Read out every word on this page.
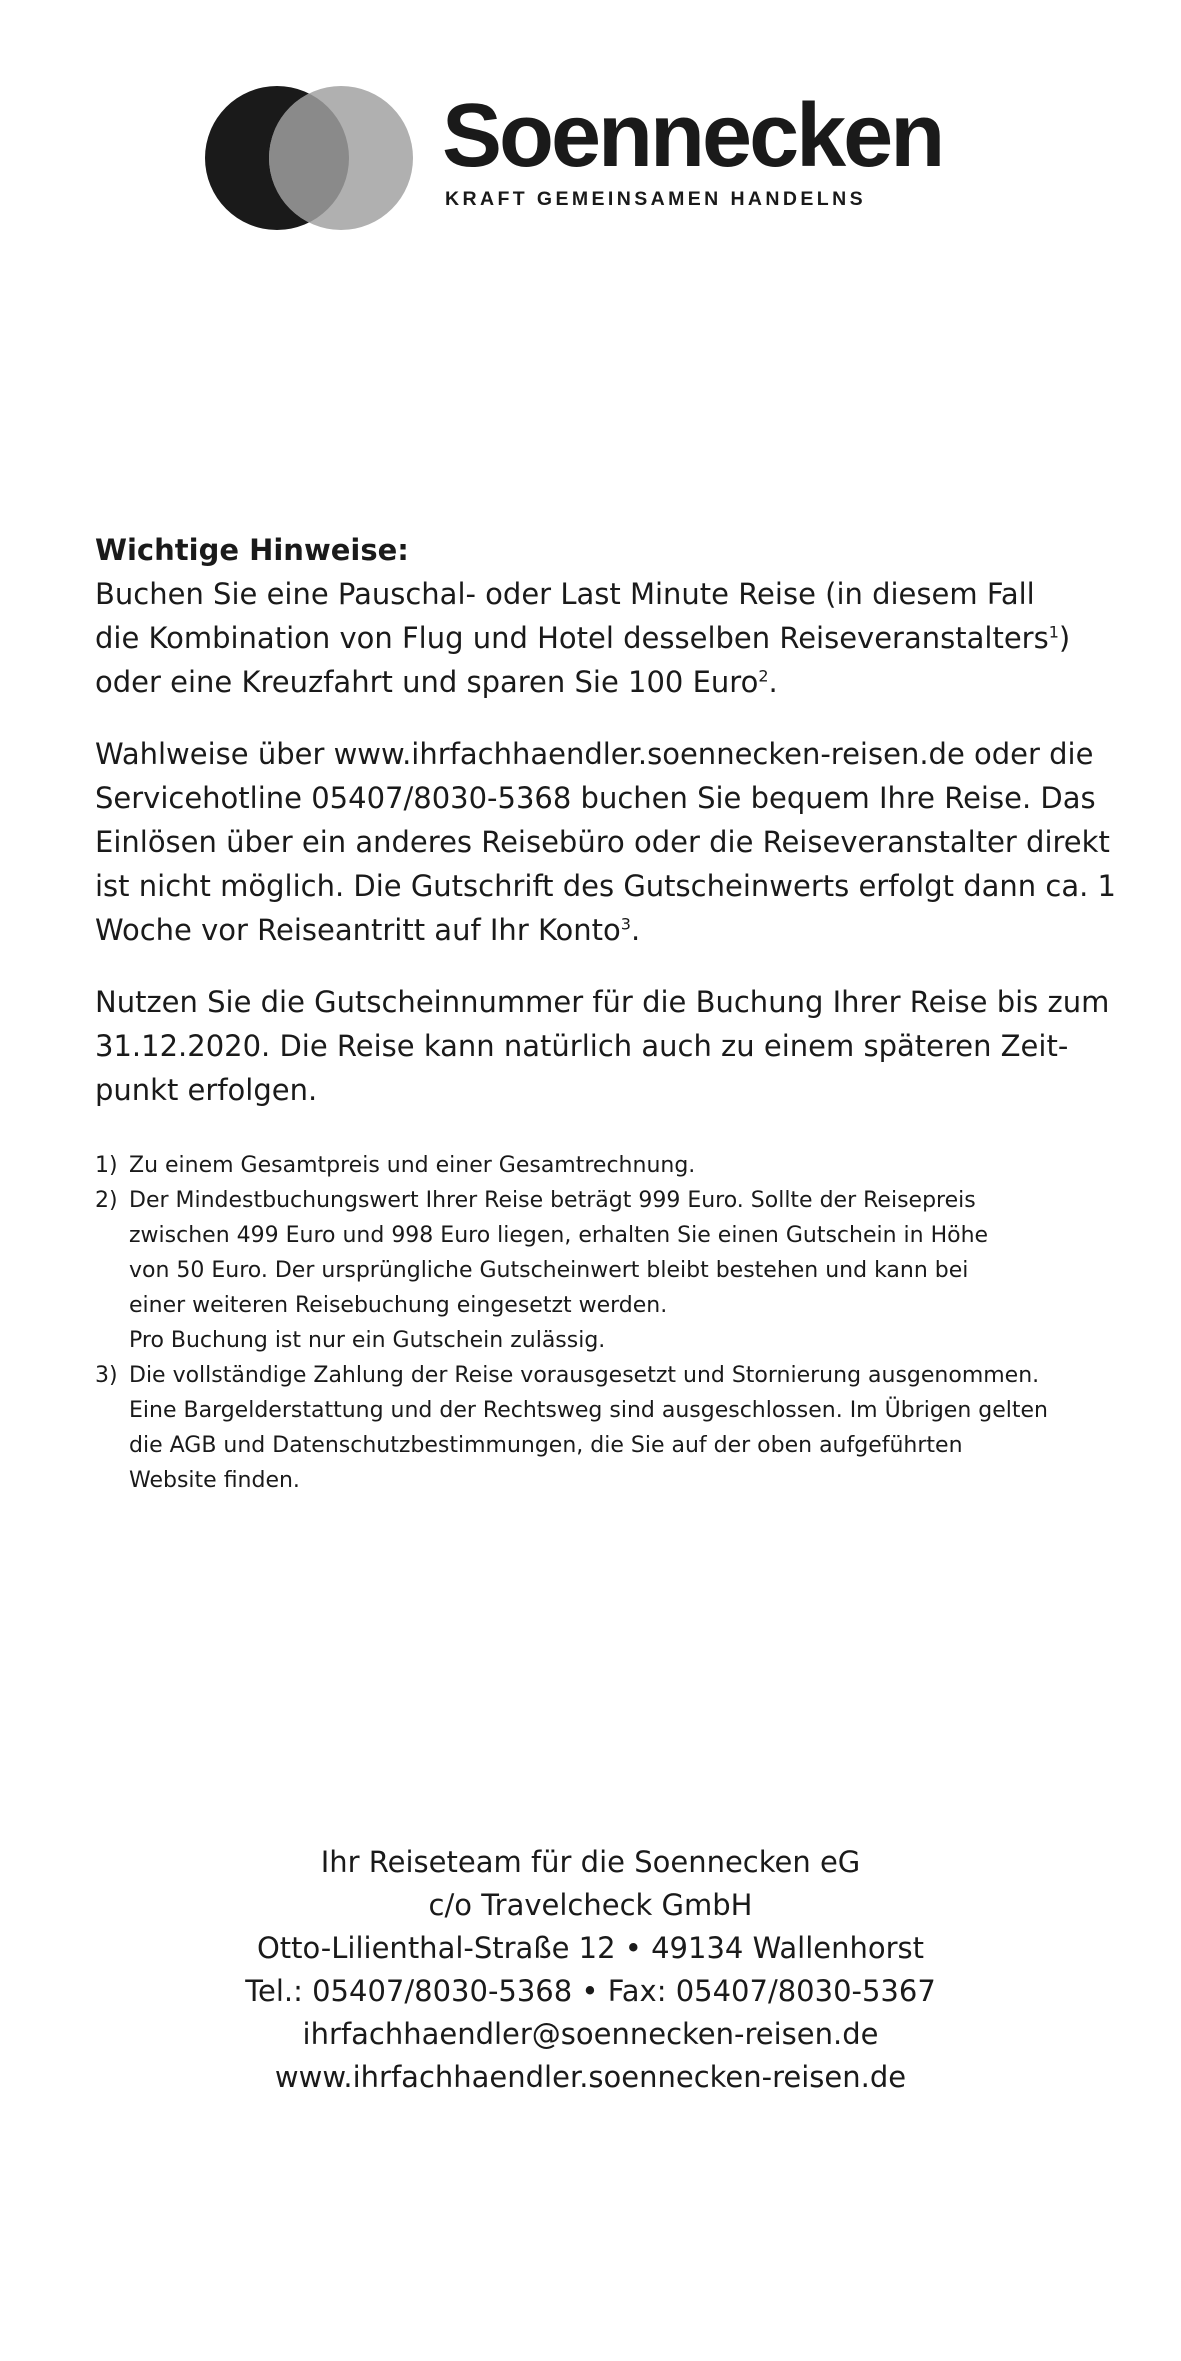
Soennecken
KRAFT GEMEINSAMEN HANDELNS
Wichtige Hinweise:

Buchen Sie eine Pauschal- oder Last Minute Reise (in diesem Fall
die Kombination von Flug und Hotel desselben Reiseveranstalters$^1$)
oder eine Kreuzfahrt und sparen Sie 100 Euro$^2$.

Wahlweise über www.ihrfachhaendler.soennecken-reisen.de oder die
Servicehotline 05407/8030-5368 buchen Sie bequem Ihre Reise. Das
Einlösen über ein anderes Reisebüro oder die Reiseveranstalter direkt
ist nicht möglich. Die Gutschrift des Gutscheinwerts erfolgt dann ca. 1
Woche vor Reiseantritt auf Ihr Konto$^3$.

Nutzen Sie die Gutscheinnummer für die Buchung Ihrer Reise bis zum
31.12.2020. Die Reise kann natürlich auch zu einem späteren Zeit-
punkt erfolgen.

1) Zu einem Gesamtpreis und einer Gesamtrechnung.
2) Der Mindestbuchungswert Ihrer Reise beträgt 999 Euro. Sollte der Reisepreis
zwischen 499 Euro und 998 Euro liegen, erhalten Sie einen Gutschein in Höhe
von 50 Euro. Der ursprüngliche Gutscheinwert bleibt bestehen und kann bei
einer weiteren Reisebuchung eingesetzt werden.
Pro Buchung ist nur ein Gutschein zulässig.
3) Die vollständige Zahlung der Reise vorausgesetzt und Stornierung ausgenommen.
Eine Bargelderstattung und der Rechtsweg sind ausgeschlossen. Im Übrigen gelten
die AGB und Datenschutzbestimmungen, die Sie auf der oben aufgeführten
Website finden.
Ihr Reiseteam für die Soennecken eG
c/o Travelcheck GmbH
Otto-Lilienthal-Straße 12 • 49134 Wallenhorst
Tel.: 05407/8030-5368 • Fax: 05407/8030-5367
ihrfachhaendler@soennecken-reisen.de
www.ihrfachhaendler.soennecken-reisen.de
